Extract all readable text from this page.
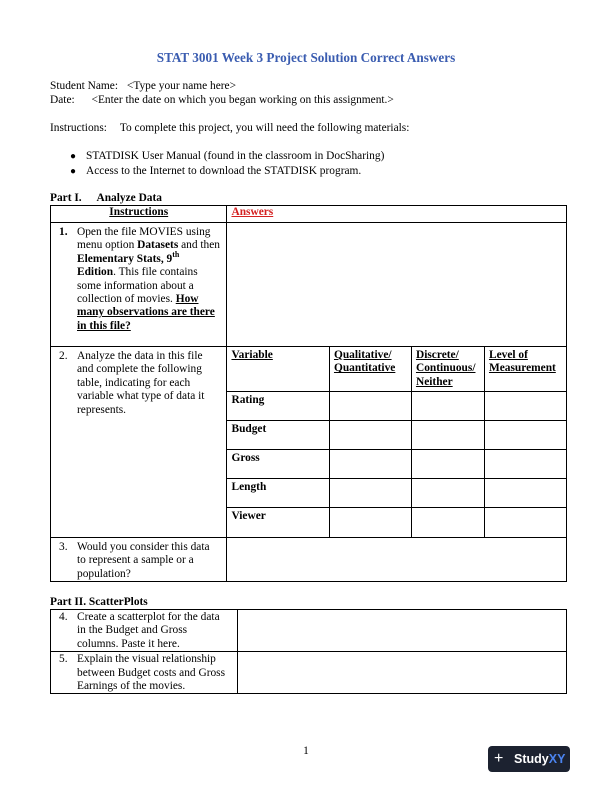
STAT 3001 Week 3 Project Solution Correct Answers
Student Name: <Type your name here>
Date: <Enter the date on which you began working on this assignment.>
Instructions: To complete this project, you will need the following materials:
● STATDISK User Manual (found in the classroom in DocSharing)
● Access to the Internet to download the STATDISK program.
Part I. Analyze Data
Instructions	Answers

1. Open the file MOVIES using menu option Datasets and then Elementary Stats, 9th Edition. This file contains some information about a collection of movies. How many observations are there in this file?

2. Analyze the data in this file and complete the following table, indicating for each variable what type of data it represents.

Variable	Qualitative/ Quantitative	Discrete/ Continuous/ Neither	Level of Measurement
Rating			
Budget			
Gross			
Length			
Viewer			

3. Would you consider this data to represent a sample or a population?

Part II. ScatterPlots
4. Create a scatterplot for the data in the Budget and Gross columns. Paste it here.	

5. Explain the visual relationship between Budget costs and Gross Earnings of the movies.	

1	+ StudyXY
